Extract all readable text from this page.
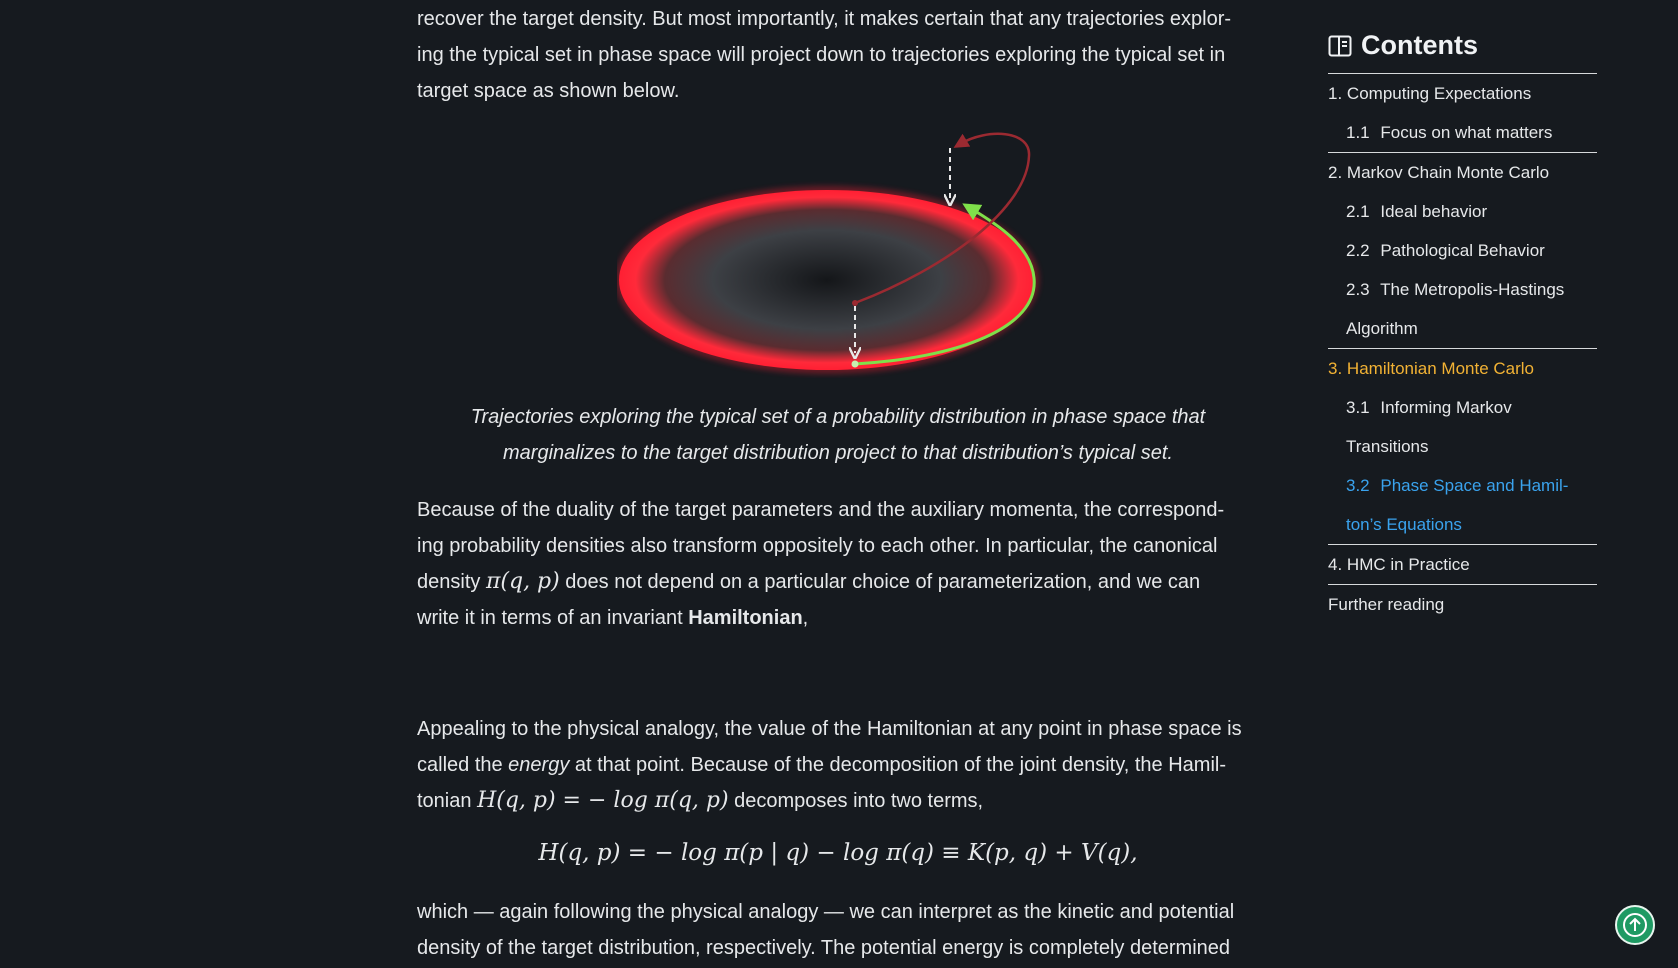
recover the target density. But most importantly, it makes certain that any trajectories explor-
ing the typical set in phase space will project down to trajectories exploring the typical set in
target space as shown below.

Trajectories exploring the typical set of a probability distribution in phase space that
marginalizes to the target distribution project to that distribution’s typical set.

Because of the duality of the target parameters and the auxiliary momenta, the correspond-
ing probability densities also transform oppositely to each other. In particular, the canonical
density π(q, p) does not depend on a particular choice of parameterization, and we can
write it in terms of an invariant Hamiltonian,

Appealing to the physical analogy, the value of the Hamiltonian at any point in phase space is
called the energy at that point. Because of the decomposition of the joint density, the Hamil-
tonian H(q, p) = − log π(q, p) decomposes into two terms,

H(q, p) = − log π(p | q) − log π(q) ≡ K(p, q) + V(q),

which — again following the physical analogy — we can interpret as the kinetic and potential
density of the target distribution, respectively. The potential energy is completely determined

Contents
1. Computing Expectations
1.1 Focus on what matters
2. Markov Chain Monte Carlo
2.1 Ideal behavior
2.2 Pathological Behavior
2.3 The Metropolis-Hastings
Algorithm
3. Hamiltonian Monte Carlo
3.1 Informing Markov
Transitions
3.2 Phase Space and Hamil-
ton’s Equations
4. HMC in Practice
Further reading
